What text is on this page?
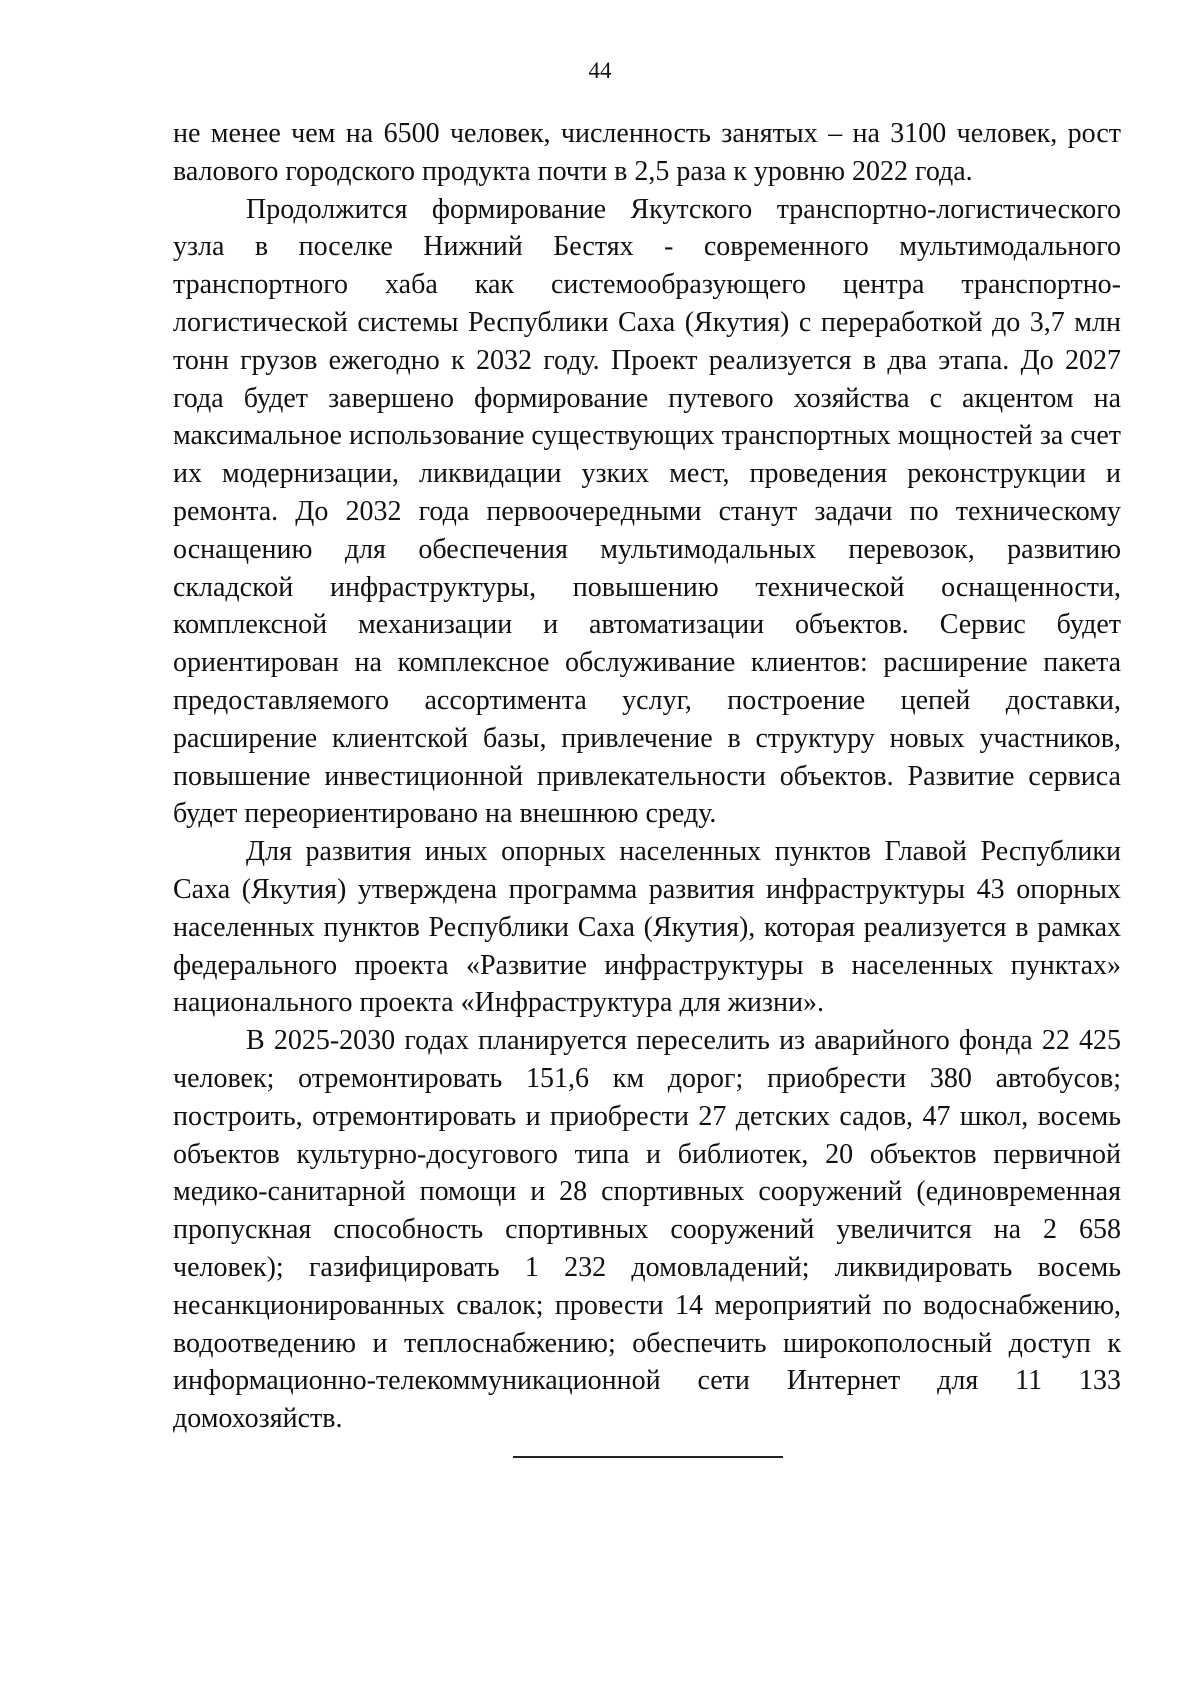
44

не менее чем на 6500 человек, численность занятых – на 3100 человек, рост валового городского продукта почти в 2,5 раза к уровню 2022 года.

Продолжится формирование Якутского транспортно-логистического узла в поселке Нижний Бестях - современного мультимодального транспортного хаба как системообразующего центра транспортно-логистической системы Республики Саха (Якутия) с переработкой до 3,7 млн тонн грузов ежегодно к 2032 году. Проект реализуется в два этапа. До 2027 года будет завершено формирование путевого хозяйства с акцентом на максимальное использование существующих транспортных мощностей за счет их модернизации, ликвидации узких мест, проведения реконструкции и ремонта. До 2032 года первоочередными станут задачи по техническому оснащению для обеспечения мультимодальных перевозок, развитию складской инфраструктуры, повышению технической оснащенности, комплексной механизации и автоматизации объектов. Сервис будет ориентирован на комплексное обслуживание клиентов: расширение пакета предоставляемого ассортимента услуг, построение цепей доставки, расширение клиентской базы, привлечение в структуру новых участников, повышение инвестиционной привлекательности объектов. Развитие сервиса будет переориентировано на внешнюю среду.

Для развития иных опорных населенных пунктов Главой Республики Саха (Якутия) утверждена программа развития инфраструктуры 43 опорных населенных пунктов Республики Саха (Якутия), которая реализуется в рамках федерального проекта «Развитие инфраструктуры в населенных пунктах» национального проекта «Инфраструктура для жизни».

В 2025-2030 годах планируется переселить из аварийного фонда 22 425 человек; отремонтировать 151,6 км дорог; приобрести 380 автобусов; построить, отремонтировать и приобрести 27 детских садов, 47 школ, восемь объектов культурно-досугового типа и библиотек, 20 объектов первичной медико-санитарной помощи и 28 спортивных сооружений (единовременная пропускная способность спортивных сооружений увеличится на 2 658 человек); газифицировать 1 232 домовладений; ликвидировать восемь несанкционированных свалок; провести 14 мероприятий по водоснабжению, водоотведению и теплоснабжению; обеспечить широкополосный доступ к информационно-телекоммуникационной сети Интернет для 11 133 домохозяйств.
